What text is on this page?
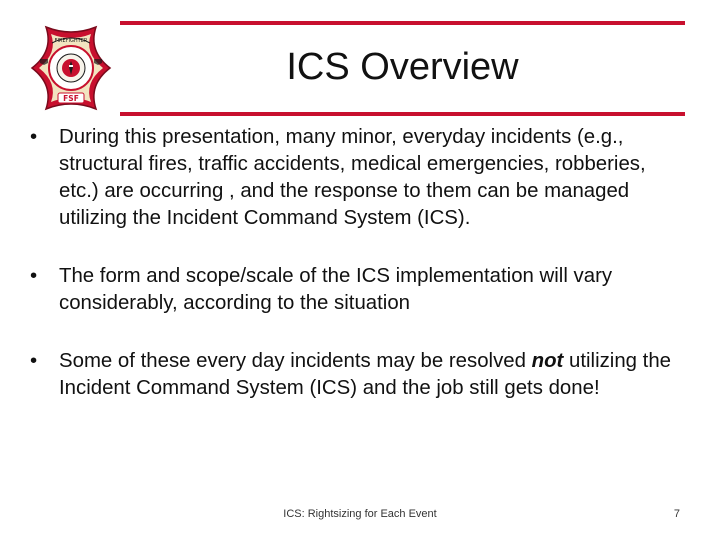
FIREFIGHTER
FSF
ICS Overview
•	During this presentation, many minor, everyday incidents (e.g., structural fires, traffic accidents, medical emergencies, robberies, etc.) are occurring , and the response to them can be managed utilizing the Incident Command System (ICS).
•	The form and scope/scale of the ICS implementation will vary considerably, according to the situation
•	Some of these every day incidents may be resolved not utilizing the Incident Command System (ICS) and the job still gets done!
ICS: Rightsizing for Each Event	7
